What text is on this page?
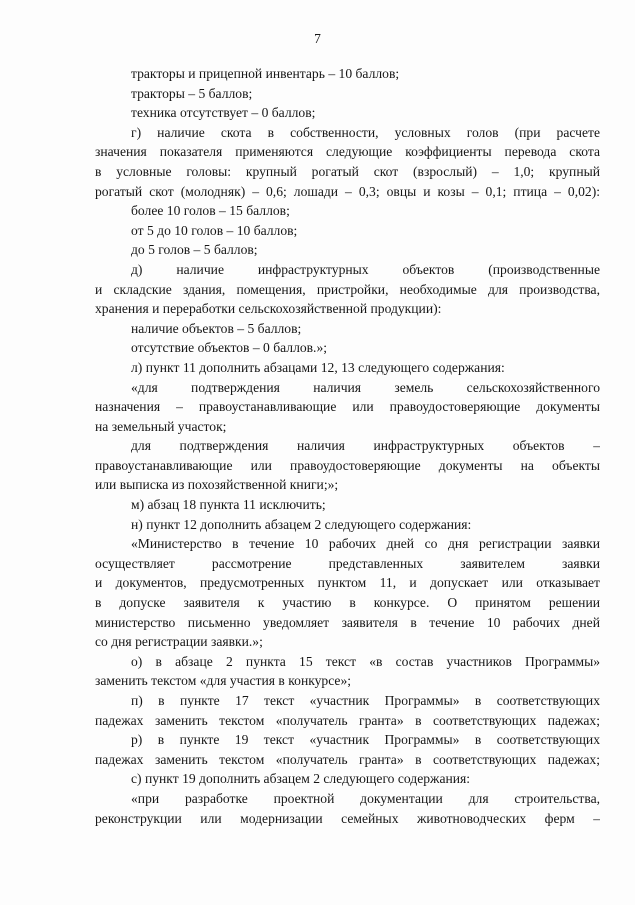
7

тракторы и прицепной инвентарь – 10 баллов;

тракторы – 5 баллов;

техника отсутствует – 0 баллов;

г) наличие скота в собственности, условных голов (при расчете
значения показателя применяются следующие коэффициенты перевода скота
в условные головы: крупный рогатый скот (взрослый) – 1,0; крупный
рогатый скот (молодняк) – 0,6; лошади – 0,3; овцы и козы – 0,1; птица – 0,02):

более 10 голов – 15 баллов;

от 5 до 10 голов – 10 баллов;

до 5 голов – 5 баллов;

д) наличие инфраструктурных объектов (производственные
и складские здания, помещения, пристройки, необходимые для производства,
хранения и переработки сельскохозяйственной продукции):

наличие объектов – 5 баллов;

отсутствие объектов – 0 баллов.»;

л) пункт 11 дополнить абзацами 12, 13 следующего содержания:

«для подтверждения наличия земель сельскохозяйственного
назначения – правоустанавливающие или правоудостоверяющие документы
на земельный участок;

для подтверждения наличия инфраструктурных объектов –
правоустанавливающие или правоудостоверяющие документы на объекты
или выписка из похозяйственной книги;»;

м) абзац 18 пункта 11 исключить;

н) пункт 12 дополнить абзацем 2 следующего содержания:

«Министерство в течение 10 рабочих дней со дня регистрации заявки
осуществляет рассмотрение представленных заявителем заявки
и документов, предусмотренных пунктом 11, и допускает или отказывает
в допуске заявителя к участию в конкурсе. О принятом решении
министерство письменно уведомляет заявителя в течение 10 рабочих дней
со дня регистрации заявки.»;

о) в абзаце 2 пункта 15 текст «в состав участников Программы»
заменить текстом «для участия в конкурсе»;

п) в пункте 17 текст «участник Программы» в соответствующих
падежах заменить текстом «получатель гранта» в соответствующих падежах;

р) в пункте 19 текст «участник Программы» в соответствующих
падежах заменить текстом «получатель гранта» в соответствующих падежах;

с) пункт 19 дополнить абзацем 2 следующего содержания:

«при разработке проектной документации для строительства,
реконструкции или модернизации семейных животноводческих ферм –
